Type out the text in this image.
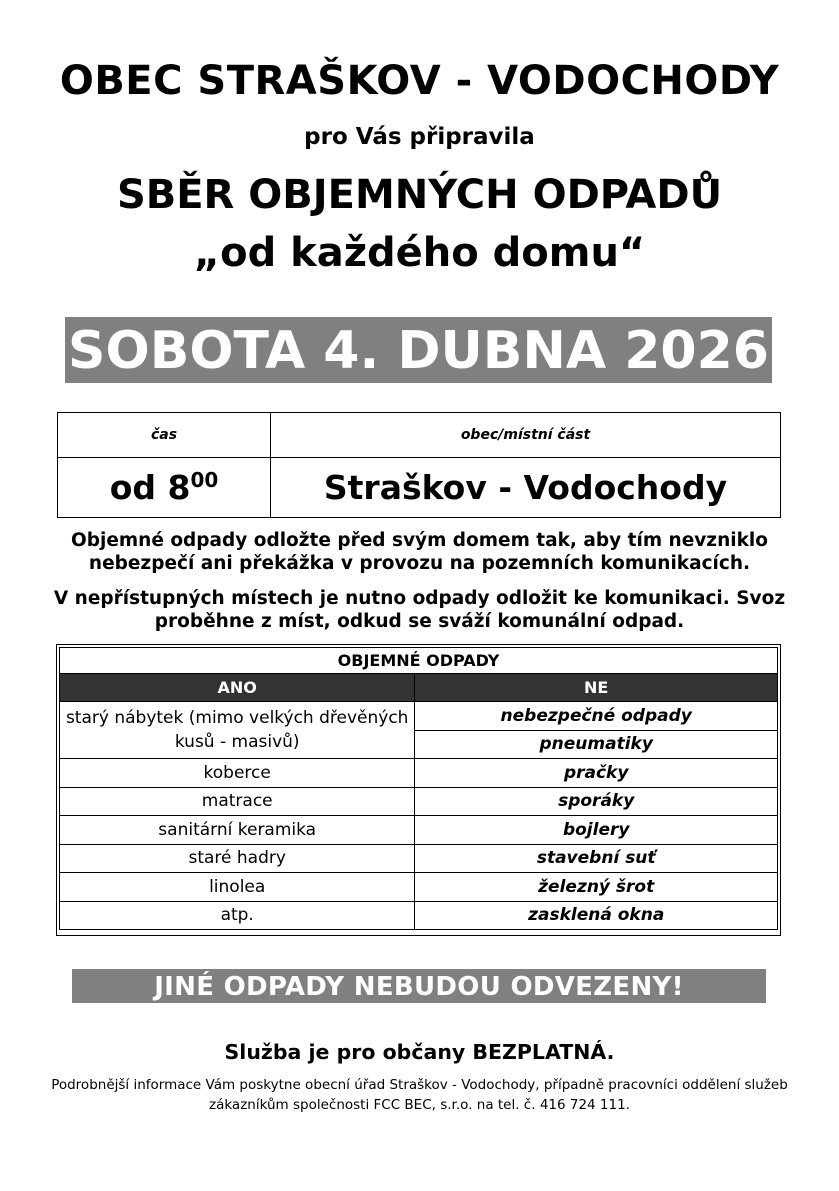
OBEC STRAŠKOV - VODOCHODY
pro Vás připravila
SBĚR OBJEMNÝCH ODPADŮ
„od každého domu“
SOBOTA 4. DUBNA 2026
čas	obec/místní část
od $8^{00}$	Straškov - Vodochody
Objemné odpady odložte před svým domem tak, aby tím nevzniklo nebezpečí ani překážka v provozu na pozemních komunikacích.
V nepřístupných místech je nutno odpady odložit ke komunikaci. Svoz proběhne z míst, odkud se sváží komunální odpad.
OBJEMNÉ ODPADY	
ANO	NE
starý nábytek (mimo velkých dřevěných kusů - masivů)	nebezpečné odpady
	pneumatiky
koberce	pračky
matrace	sporáky
sanitární keramika	bojlery
staré hadry	stavební suť
linolea	železný šrot
atp.	zasklená okna
JINÉ ODPADY NEBUDOU ODVEZENY! DĚKUJEME.
Služba je pro občany BEZPLATNÁ.
Podrobnější informace Vám poskytne obecní úřad Straškov - Vodochody, případně pracovníci oddělení služeb zákazníkům společnosti FCC BEC, s.r.o. na tel. č. 416 724 111.
